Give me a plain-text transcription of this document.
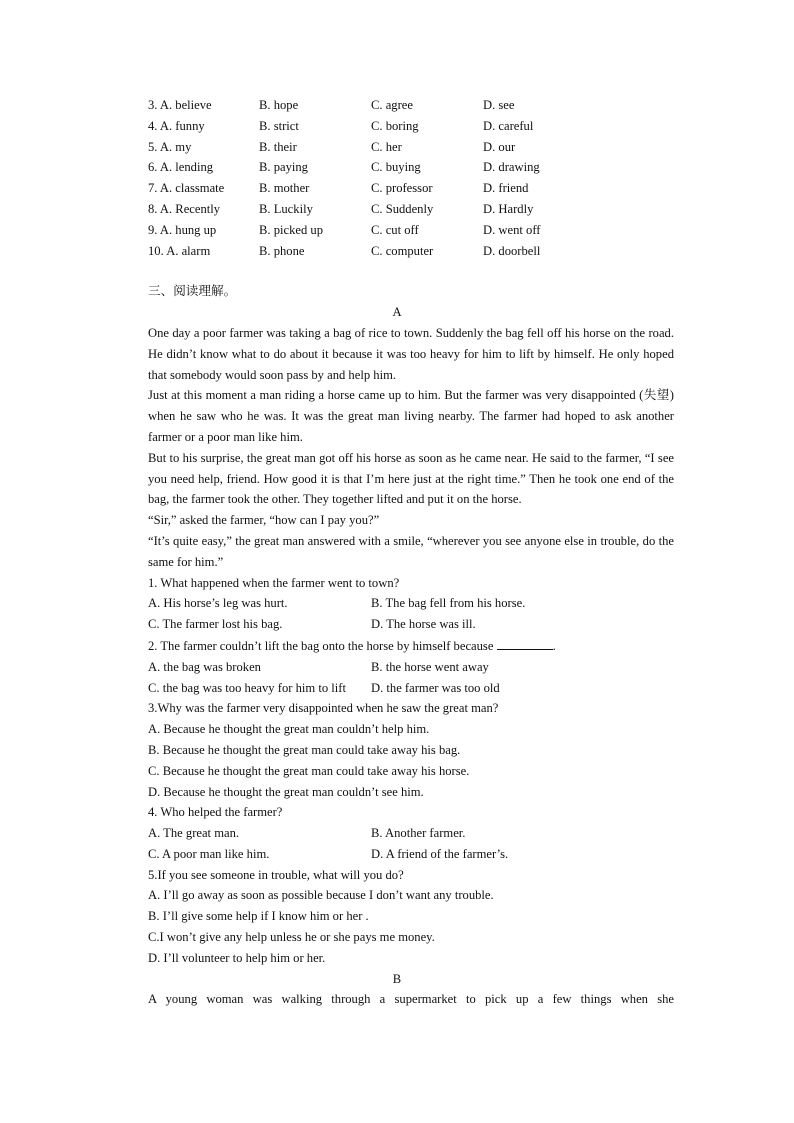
3. A. believe	B. hope	C. agree	D. see
4. A. funny	B. strict	C. boring	D. careful
5. A. my	B. their	C. her	D. our
6. A. lending	B. paying	C. buying	D. drawing
7. A. classmate	B. mother	C. professor	D. friend
8. A. Recently	B. Luckily	C. Suddenly	D. Hardly
9. A. hung up	B. picked up	C. cut off	D. went off
10. A. alarm	B. phone	C. computer	D. doorbell
三、阅读理解。
A
One day a poor farmer was taking a bag of rice to town. Suddenly the bag fell off his horse on the road. He didn’t know what to do about it because it was too heavy for him to lift by himself. He only hoped that somebody would soon pass by and help him.
Just at this moment a man riding a horse came up to him. But the farmer was very disappointed (失望) when he saw who he was. It was the great man living nearby. The farmer had hoped to ask another farmer or a poor man like him.
But to his surprise, the great man got off his horse as soon as he came near. He said to the farmer, “I see you need help, friend. How good it is that I’m here just at the right time.” Then he took one end of the bag, the farmer took the other. They together lifted and put it on the horse.
“Sir,” asked the farmer, “how can I pay you?”
“It’s quite easy,” the great man answered with a smile, “wherever you see anyone else in trouble, do the same for him.”
1. What happened when the farmer went to town?
A. His horse’s leg was hurt.	B. The bag fell from his horse.
C. The farmer lost his bag.	D. The horse was ill.
2. The farmer couldn’t lift the bag onto the horse by himself because	.
A. the bag was broken	B. the horse went away
C. the bag was too heavy for him to lift	D. the farmer was too old
3.Why was the farmer very disappointed when he saw the great man?
A. Because he thought the great man couldn’t help him.
B. Because he thought the great man could take away his bag.
C. Because he thought the great man could take away his horse.
D. Because he thought the great man couldn’t see him.
4. Who helped the farmer?
A. The great man.	B. Another farmer.
C. A poor man like him.	D. A friend of the farmer’s.
5.If you see someone in trouble, what will you do?
A. I’ll go away as soon as possible because I don’t want any trouble.
B. I’ll give some help if I know him or her .
C.I won’t give any help unless he or she pays me money.
D. I’ll volunteer to help him or her.
B
A young woman was walking through a supermarket to pick up a few things when she
